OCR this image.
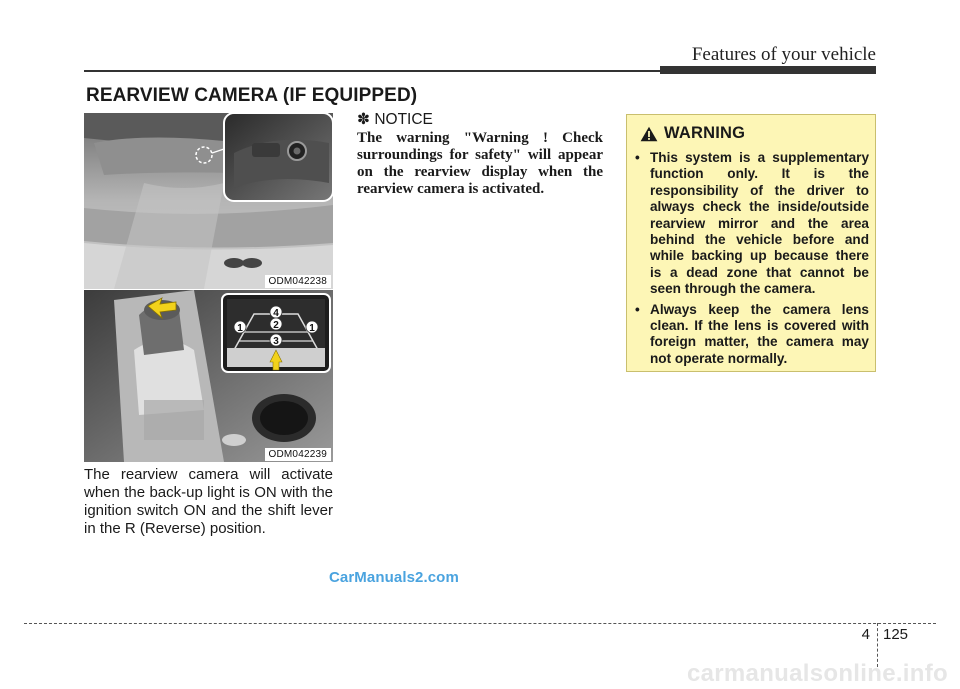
Features of your vehicle
REARVIEW CAMERA (IF EQUIPPED)
ODM042238
4
2
1	1
3
ODM042239
The rearview camera will activate when the back-up light is ON with the ignition switch ON and the shift lever in the R (Reverse) position.
✽ NOTICE
The warning "Warning ! Check surroundings for safety" will appear on the rearview display when the rearview camera is activated.
WARNING
• This system is a supplementary function only. It is the responsibility of the driver to always check the inside/outside rearview mirror and the area behind the vehicle before and while backing up because there is a dead zone that cannot be seen through the camera.
• Always keep the camera lens clean. If the lens is covered with foreign matter, the camera may not operate normally.
CarManuals2.com
4 125
carmanualsonline.info
